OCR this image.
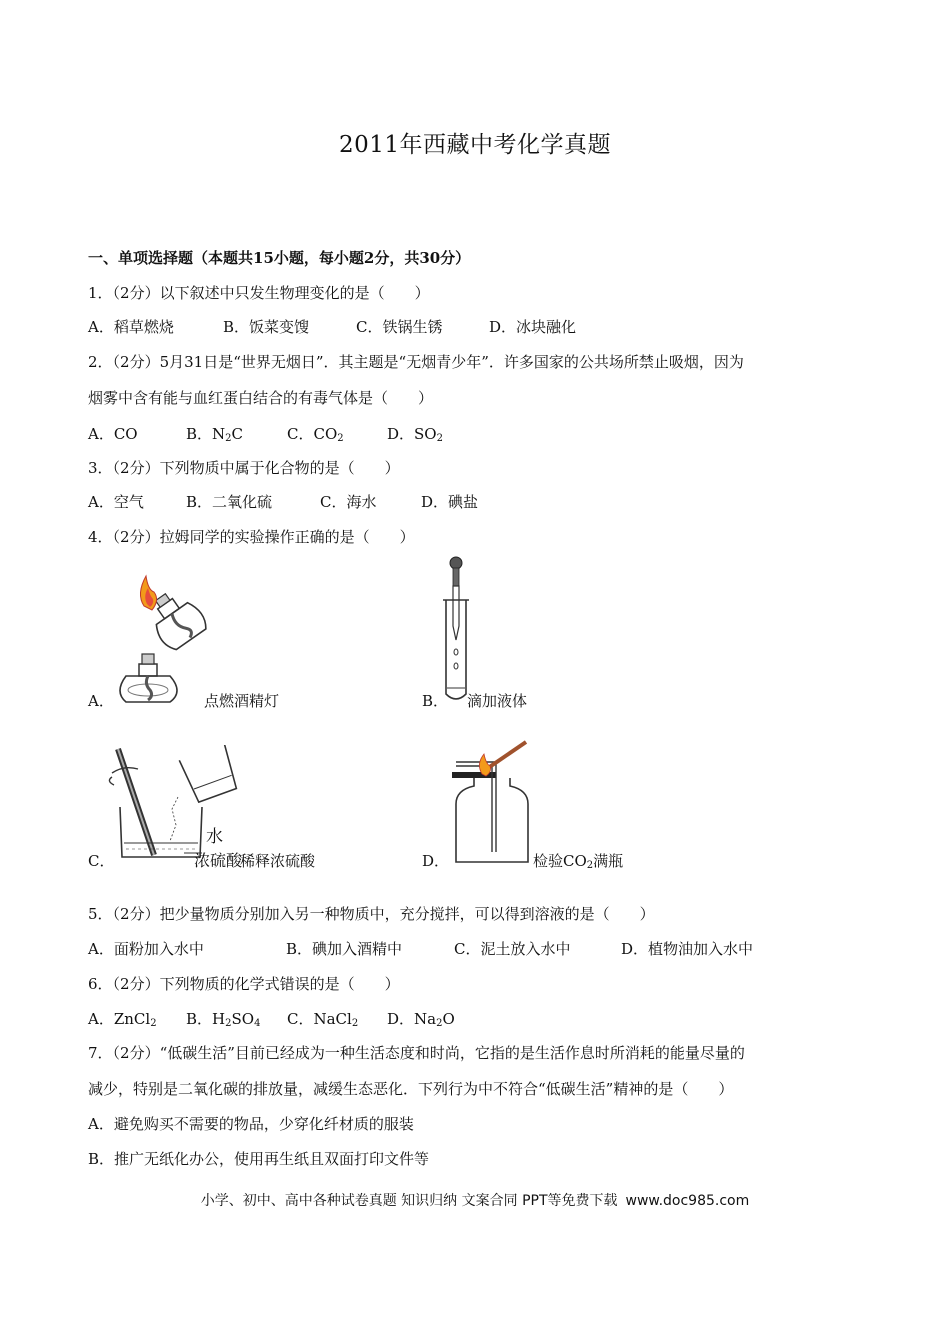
2011年西藏中考化学真题
一、单项选择题（本题共15小题，每小题2分，共30分）
1．（2分）以下叙述中只发生物理变化的是（　　）
A．稻草燃烧	B．饭菜变馊	C．铁锅生锈	D．冰块融化
2．（2分）5月31日是“世界无烟日”．其主题是“无烟青少年”．许多国家的公共场所禁止吸烟，因为
烟雾中含有能与血红蛋白结合的有毒气体是（　　）
A．CO	B．N2C	C．CO2	D．SO2
3．（2分）下列物质中属于化合物的是（　　）
A．空气	B．二氧化硫	C．海水	D．碘盐
4．（2分）拉姆同学的实验操作正确的是（　　）
A．	点燃酒精灯	B． 滴加液体
水
C．	浓硫酸
稀释浓硫酸	D．	检验$CO_2$满瓶
5．（2分）把少量物质分别加入另一种物质中，充分搅拌，可以得到溶液的是（　　）
A．面粉加入水中	B．碘加入酒精中	C．泥土放入水中	D．植物油加入水中
6．（2分）下列物质的化学式错误的是（　　）
A．ZnCl2 B．H2SO4 C．NaCl2 D．Na2O
7．（2分）“低碳生活”目前已经成为一种生活态度和时尚，它指的是生活作息时所消耗的能量尽量的
减少，特别是二氧化碳的排放量，减缓生态恶化．下列行为中不符合“低碳生活”精神的是（　　）
A．避免购买不需要的物品，少穿化纤材质的服装
B．推广无纸化办公，使用再生纸且双面打印文件等
小学、初中、高中各种试卷真题 知识归纳 文案合同 PPT等免费下载 www.doc985.com
